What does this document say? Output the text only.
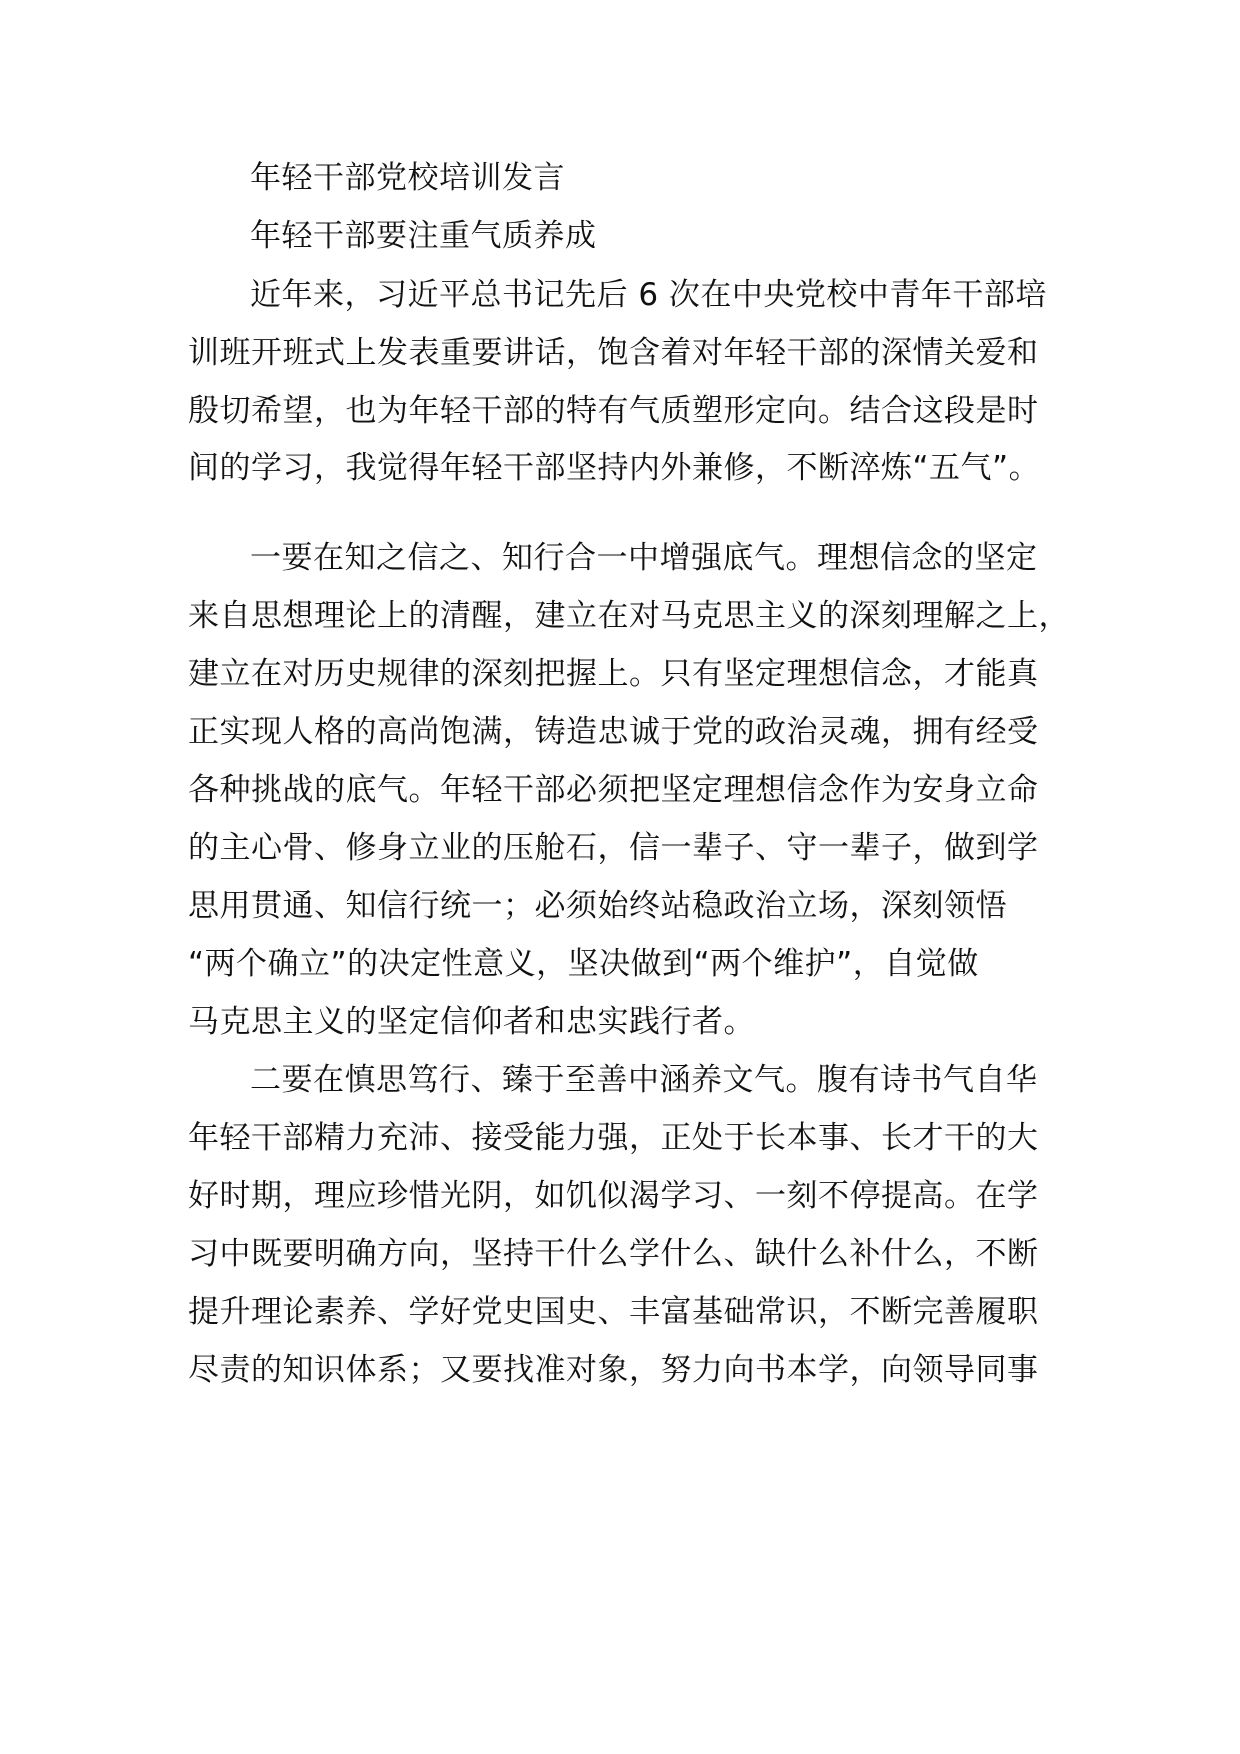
年轻干部党校培训发言
年轻干部要注重气质养成
近年来，习近平总书记先后 6 次在中央党校中青年干部培
训班开班式上发表重要讲话，饱含着对年轻干部的深情关爱和
殷切希望，也为年轻干部的特有气质塑形定向。结合这段是时
间的学习，我觉得年轻干部坚持内外兼修，不断淬炼“五气”。
一要在知之信之、知行合一中增强底气。理想信念的坚定
来自思想理论上的清醒，建立在对马克思主义的深刻理解之上，
建立在对历史规律的深刻把握上。只有坚定理想信念，才能真
正实现人格的高尚饱满，铸造忠诚于党的政治灵魂，拥有经受
各种挑战的底气。年轻干部必须把坚定理想信念作为安身立命
的主心骨、修身立业的压舱石，信一辈子、守一辈子，做到学
思用贯通、知信行统一；必须始终站稳政治立场，深刻领悟
“两个确立”的决定性意义，坚决做到“两个维护”，自觉做
马克思主义的坚定信仰者和忠实践行者。
二要在慎思笃行、臻于至善中涵养文气。腹有诗书气自华
年轻干部精力充沛、接受能力强，正处于长本事、长才干的大
好时期，理应珍惜光阴，如饥似渴学习、一刻不停提高。在学
习中既要明确方向，坚持干什么学什么、缺什么补什么，不断
提升理论素养、学好党史国史、丰富基础常识，不断完善履职
尽责的知识体系；又要找准对象，努力向书本学，向领导同事
